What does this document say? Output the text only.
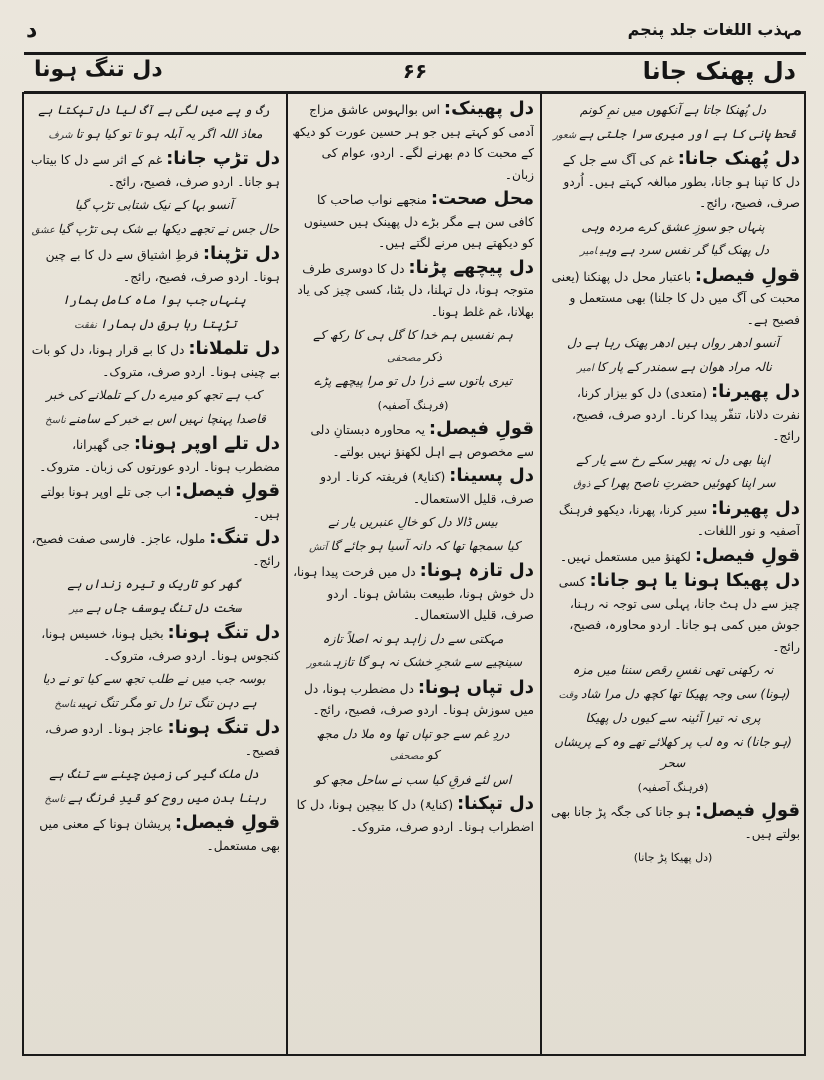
مہذب اللغات جلد پنجم
د
دل پھنک جانا
۶۶
دل تنگ ہونا
دل پُھنکا جاتا ہے آنکھوں میں نمِ کونم
قحط پانی کا ہے اور میری سرا جلتی ہےشعور
دل پُھنک جانا: غم کی آگ سے جل کے دل کا تپنا ہو جانا، بطور مبالغہ کہتے ہیں۔ اُردو صرف، فصیح، رائج۔
پنہاں جو سوزِ عشق کرے مردہ وہی
دل پھنک گیا گر نفس سرد ہے وہیامیر
قولِ فیصل: باعتبار محل دل پھنکنا (یعنی محبت کی آگ میں دل کا جلنا) بھی مستعمل و فصیح ہے۔
آنسو ادھر رواں ہیں ادھر پھنک رہا ہے دل
نالہ مراد ھوان ہے سمندر کے پار کاامیر
دل پھیرنا: (متعدی) دل کو بیزار کرنا، نفرت دلانا، تنفّر پیدا کرنا۔ اردو صرف، فصیح، رائج۔
اپنا بھی دل نہ پھیر سکے رخ سے یار کے
سر اپنا کھوئیں حضرتِ ناصح پھرا کےذوق
دل پھیرنا: سیر کرنا، پھرنا، دیکھو فرہنگ آصفیہ و نور اللغات۔
قولِ فیصل: لکھنؤ میں مستعمل نہیں۔
دل پھیکا ہونا یا ہو جانا: کسی چیز سے دل ہٹ جانا، پہلی سی توجہ نہ رہنا، جوش میں کمی ہو جانا۔ اردو محاورہ، فصیح، رائج۔
نہ رکھنی تھی نفسِ رقص سننا میں مزہ
(ہونا) سی وجہ پھیکا تھا کچھ دل مرا شادوقت
پری نہ تیرا آئینہ سے کیوں دل پھیکا
(ہو جانا) نہ وہ لب پر کھلائے تھے وہ کے پریشاں سحر
(فرہنگ آصفیہ)
قولِ فیصل: ہو جانا کی جگہ پڑ جانا بھی بولتے ہیں۔
(دل پھیکا پڑ جانا)
دل پھینک: اس بوالہوس عاشق مزاج آدمی کو کہتے ہیں جو ہر حسین عورت کو دیکھ کے محبت کا دم بھرنے لگے۔ اردو، عوام کی زبان۔
محل صحت: منجھے نواب صاحب کا کافی سن ہے مگر بڑے دل پھینک ہیں حسینوں کو دیکھتے ہیں مرنے لگتے ہیں۔
دل پیچھے پڑنا: دل کا دوسری طرف متوجہ ہونا، دل تہلنا، دل بٹنا، کسی چیز کی یاد بھلانا، غم غلط ہونا۔
ہم نفسیں ہم خدا کا گل ہی کا رکھ کے ذکرمصحفی
تیری باتوں سے ذرا دل تو مرا پیچھے پڑے
(فرہنگ آصفیہ)
قولِ فیصل: یہ محاورہ دبستانِ دلی سے مخصوص ہے اہل لکھنؤ نہیں بولتے۔
دل پسینا: (کنایۃً) فریفتہ کرنا۔ اردو صرف، قلیل الاستعمال۔
بیس ڈالا دل کو خالِ عنبریں یار نے
کیا سمجھا تھا کہ دانہ آسیا ہو جائے گاآتش
دل تازہ ہونا: دل میں فرحت پیدا ہونا، دل خوش ہونا، طبیعت بشاش ہونا۔ اردو صرف، قلیل الاستعمال۔
مہکتی سے دل زاہد ہو نہ اصلاً تازہ
سینچیے سے شجرِ خشک نہ ہو گا تازہشعور
دل تپاں ہونا: دل مضطرب ہونا، دل میں سوزش ہونا۔ اردو صرف، فصیح، رائج۔
دردِ غم سے جو تپاں تھا وہ ملا دل مجھ کومصحفی
اس لئے فرقِ کیا سب نے ساحل مجھ کو
دل تپکنا: (کنایۃً) دل کا بیچین ہونا، دل کا اضطراب ہونا۔ اردو صرف، متروک۔
رگ و پے میں لگی ہے آگ لیا دل تپکتا ہے
معاذ اللہ اگر یہ آبلہ ہو تا تو کیا ہو تاشرف
دل تڑپ جانا: غم کے اثر سے دل کا بیتاب ہو جانا۔ اردو صرف، فصیح، رائج۔
آنسو بہا کے نیک شتابی تڑپ گیا
حال جس نے تجھے دیکھا بے شک ہی تڑپ گیاعشق
دل تڑپنا: فرطِ اشتیاق سے دل کا بے چین ہونا۔ اردو صرف، فصیح، رائج۔
پنہاں جب ہوا ماہ کامل ہمارا
تڑپتا رہا برق دل ہمارانفقت
دل تلملانا: دل کا بے قرار ہونا، دل کو بات بے چینی ہونا۔ اردو صرف، متروک۔
کب ہے تجھ کو میرے دل کے تلملانے کی خبر
قاصدا پہنچا نہیں اس بے خبر کے سامنےناسخ
دل تلے اوپر ہونا: جی گھبرانا، مضطرب ہونا۔ اردو عورتوں کی زبان۔ متروک۔
قولِ فیصل: اب جی تلے اوپر ہونا بولتے ہیں۔
دل تنگ: ملول، عاجز۔ فارسی صفت فصیح، رائج۔
گھر کو تاریک و تیرہ زنداں ہے
سخت دل تنگ یوسف جاں ہےمیر
دل تنگ ہونا: بخیل ہونا، خسیس ہونا، کنجوس ہونا۔ اردو صرف، متروک۔
بوسہ جب میں نے طلب تجھ سے کیا تو نے دیا
ہے دہن تنگ ترا دل تو مگر تنگ نہیںناسخ
دل تنگ ہونا: عاجز ہونا۔ اردو صرف، فصیح۔
دل ملک گیر کی زمین چینے سے تنگ ہے
رہنا بدن میں روح کو قیدِ فرنگ ہےناسخ
قولِ فیصل: پریشان ہونا کے معنی میں بھی مستعمل۔
